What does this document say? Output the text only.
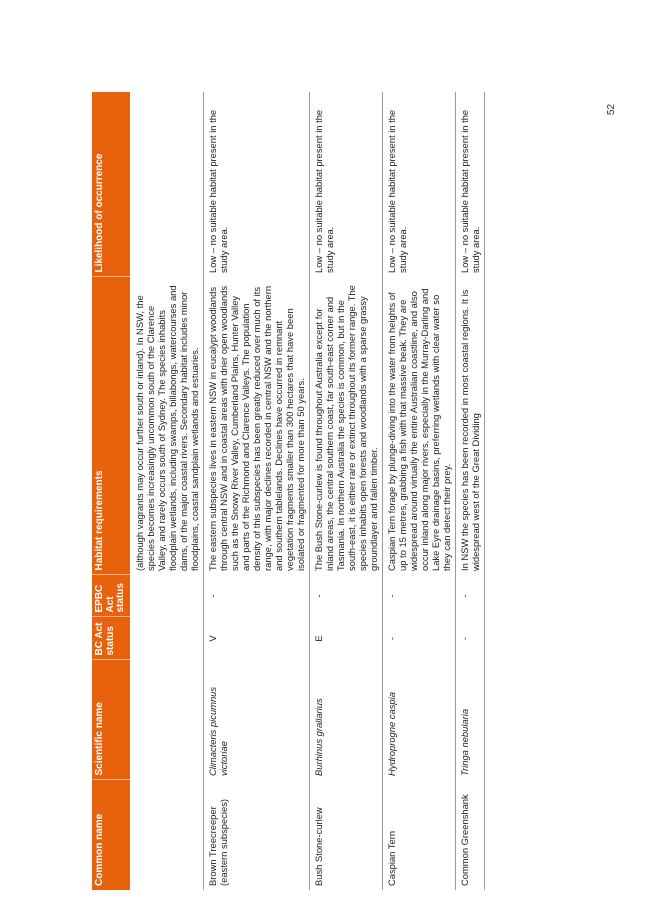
Common name	Scientific name	BC Act status	EPBC Act status	Habitat requirements	Likelihood of occurrence
				(although vagrants may occur further south or inland). In NSW, the species becomes increasingly uncommon south of the Clarence Valley, and rarely occurs south of Sydney. The species inhabits floodplain wetlands, including swamps, billabongs, watercourses and dams, of the major coastal rivers. Secondary habitat includes minor floodplains, coastal sandplain wetlands and estuaries.	
Brown Treecreeper (eastern subspecies)	Climacteris picumnus victoriae	V	-	The eastern subspecies lives in eastern NSW in eucalypt woodlands through central NSW and in coastal areas with drier open woodlands such as the Snowy River Valley, Cumberland Plains, Hunter Valley and parts of the Richmond and Clarence Valleys. The population density of this subspecies has been greatly reduced over much of its range, with major declines recorded in central NSW and the northern and southern tablelands. Declines have occurred in remnant vegetation fragments smaller than 300 hectares that have been isolated or fragmented for more than 50 years.	Low – no suitable habitat present in the study area.
Bush Stone-curlew	Burhinus grallarius	E	-	The Bush Stone-curlew is found throughout Australia except for inland areas, the central southern coast, far south-east corner and Tasmania. In northern Australia the species is common, but in the south-east, it is either rare or extinct throughout its former range. The species inhabits open forests and woodlands with a sparse grassy groundlayer and fallen timber.	Low – no suitable habitat present in the study area.
Caspian Tern	Hydroprogne caspia	-	-	Caspian Tern forage by plunge-diving into the water from heights of up to 15 metres, grabbing a fish with that massive beak. They are widespread around virtually the entire Australian coastline, and also occur inland along major rivers, especially in the Murray-Darling and Lake Eyre drainage basins, preferring wetlands with clear water so they can detect their prey.	Low – no suitable habitat present in the study area.
Common Greenshank	Tringa nebularia	-	-	In NSW the species has been recorded in most coastal regions. It is widespread west of the Great Dividing	Low – no suitable habitat present in the study area.
52
